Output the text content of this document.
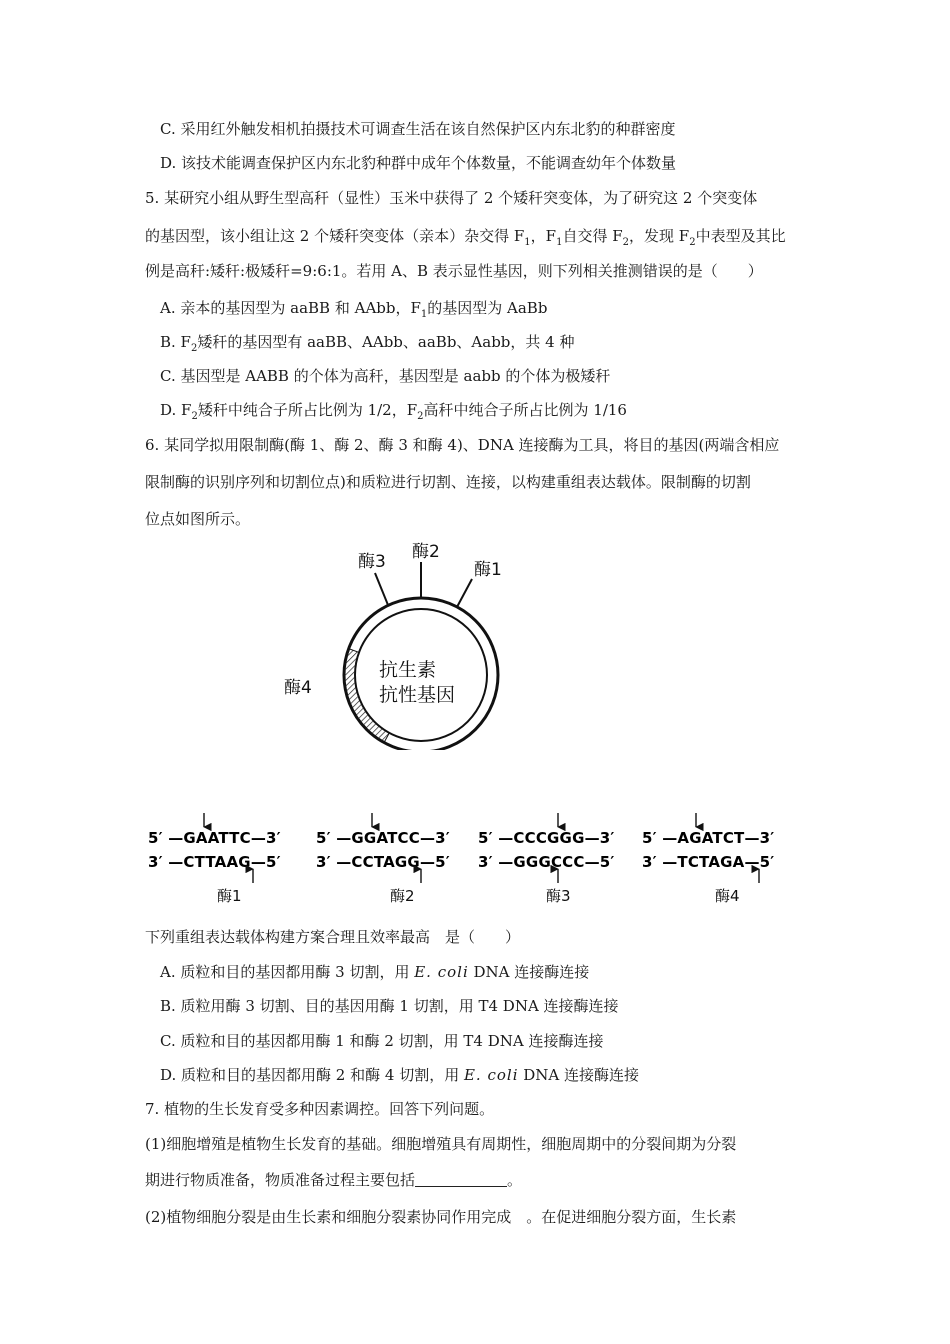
C. 采用红外触发相机拍摄技术可调查生活在该自然保护区内东北豹的种群密度
D. 该技术能调查保护区内东北豹种群中成年个体数量，不能调查幼年个体数量
5. 某研究小组从野生型高秆（显性）玉米中获得了 2 个矮秆突变体，为了研究这 2 个突变体
的基因型，该小组让这 2 个矮秆突变体（亲本）杂交得 $F_1$，$F_1$自交得 $F_2$，发现 $F_2$中表型及其比
例是高秆:矮秆:极矮秆=9:6:1。若用 A、B 表示显性基因，则下列相关推测错误的是（　　）
A. 亲本的基因型为 aaBB 和 AAbb，$F_1$的基因型为 AaBb
B. $F_2$矮秆的基因型有 aaBB、AAbb、aaBb、Aabb，共 4 种
C. 基因型是 AABB 的个体为高秆，基因型是 aabb 的个体为极矮秆
D. $F_2$矮秆中纯合子所占比例为 1/2，$F_2$高秆中纯合子所占比例为 1/16
6. 某同学拟用限制酶(酶 1、酶 2、酶 3 和酶 4)、DNA 连接酶为工具，将目的基因(两端含相应
限制酶的识别序列和切割位点)和质粒进行切割、连接，以构建重组表达载体。限制酶的切割
位点如图所示。
酶2
酶3	酶1
酶4
抗生素
抗性基因
5′ —GAATTC—3′
3′ —CTTAAG—5′
酶1
5′ —GGATCC—3′
3′ —CCTAGG—5′
酶2
5′ —CCCGGG—3′
3′ —GGGCCC—5′
酶3
5′ —AGATCT—3′
3′ —TCTAGA—5′
酶4
下列重组表达载体构建方案合理且效率最高　是（　　）
A. 质粒和目的基因都用酶 3 切割，用 E. coli DNA 连接酶连接
B. 质粒用酶 3 切割、目的基因用酶 1 切割，用 T4 DNA 连接酶连接
C. 质粒和目的基因都用酶 1 和酶 2 切割，用 T4 DNA 连接酶连接
D. 质粒和目的基因都用酶 2 和酶 4 切割，用 E. coli DNA 连接酶连接
7. 植物的生长发育受多种因素调控。回答下列问题。
(1)细胞增殖是植物生长发育的基础。细胞增殖具有周期性，细胞周期中的分裂间期为分裂
期进行物质准备，物质准备过程主要包括	。
(2)植物细胞分裂是由生长素和细胞分裂素协同作用完成　。在促进细胞分裂方面，生长素
